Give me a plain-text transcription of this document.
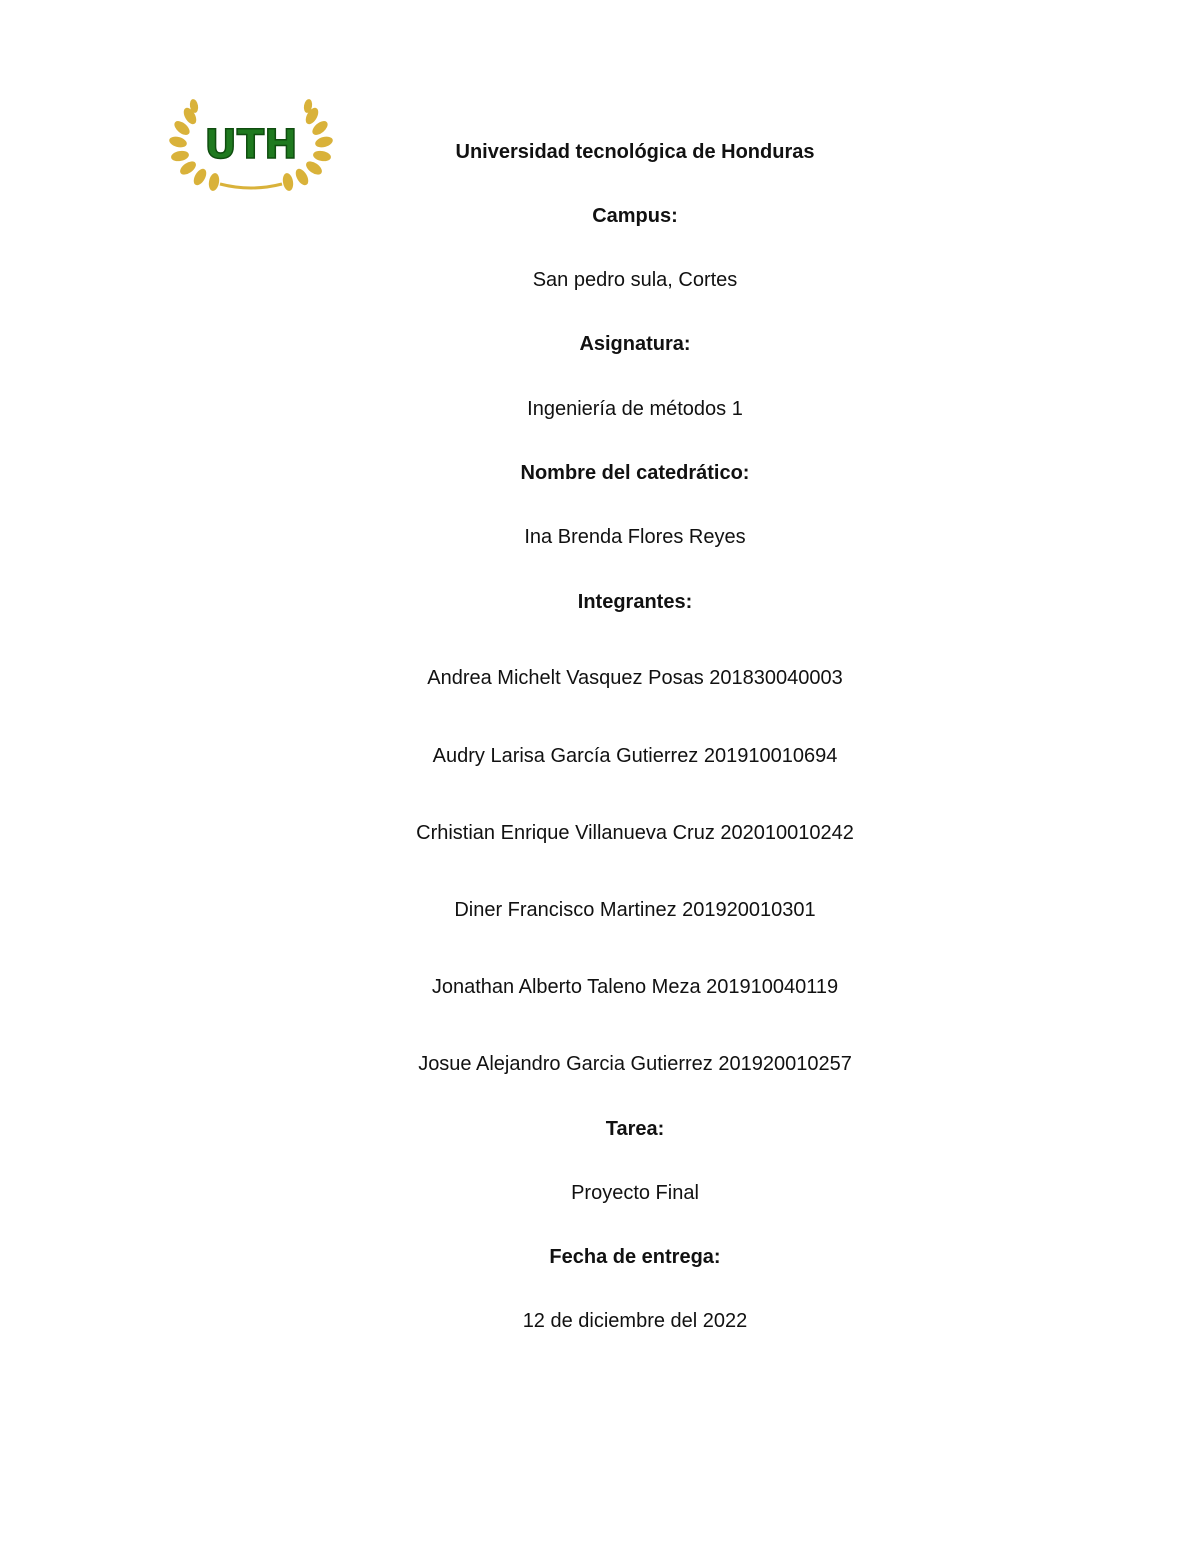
UTH	Universidad tecnológica de Honduras
Campus:
San pedro sula, Cortes
Asignatura:
Ingeniería de métodos 1
Nombre del catedrático:
Ina Brenda Flores Reyes
Integrantes:
Andrea Michelt Vasquez Posas 201830040003
Audry Larisa García Gutierrez 201910010694
Crhistian Enrique Villanueva Cruz 202010010242
Diner Francisco Martinez 201920010301
Jonathan Alberto Taleno Meza 201910040119
Josue Alejandro Garcia Gutierrez 201920010257
Tarea:
Proyecto Final
Fecha de entrega:
12 de diciembre del 2022
